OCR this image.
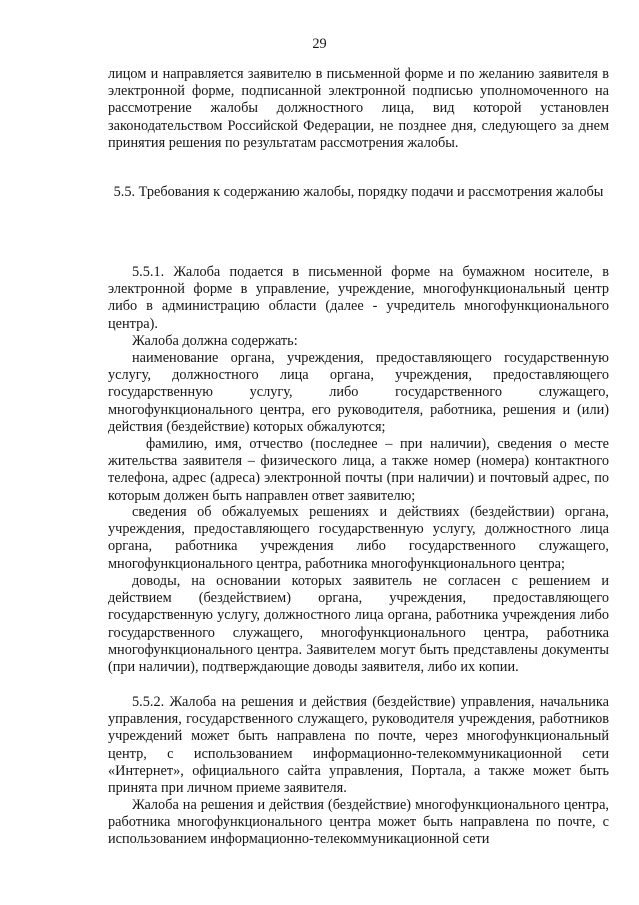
29
лицом и направляется заявителю в письменной форме и по желанию заявителя в электронной форме, подписанной электронной подписью уполномоченного на рассмотрение жалобы должностного лица, вид которой установлен законодательством Российской Федерации, не позднее дня, следующего за днем принятия решения по результатам рассмотрения жалобы.
5.5. Требования к содержанию жалобы, порядку подачи и рассмотрения жалобы
5.5.1. Жалоба подается в письменной форме на бумажном носителе, в электронной форме в управление, учреждение, многофункциональный центр либо в администрацию области (далее - учредитель многофункционального центра).
Жалоба должна содержать:
наименование органа, учреждения, предоставляющего государственную услугу, должностного лица органа, учреждения, предоставляющего государственную услугу, либо государственного служащего, многофункционального центра, его руководителя, работника, решения и (или) действия (бездействие) которых обжалуются;
фамилию, имя, отчество (последнее – при наличии), сведения о месте жительства заявителя – физического лица, а также номер (номера) контактного телефона, адрес (адреса) электронной почты (при наличии) и почтовый адрес, по которым должен быть направлен ответ заявителю;
сведения об обжалуемых решениях и действиях (бездействии) органа, учреждения, предоставляющего государственную услугу, должностного лица органа, работника учреждения либо государственного служащего, многофункционального центра, работника многофункционального центра;
доводы, на основании которых заявитель не согласен с решением и действием (бездействием) органа, учреждения, предоставляющего государственную услугу, должностного лица органа, работника учреждения либо государственного служащего, многофункционального центра, работника многофункционального центра. Заявителем могут быть представлены документы (при наличии), подтверждающие доводы заявителя, либо их копии.
5.5.2. Жалоба на решения и действия (бездействие) управления, начальника управления, государственного служащего, руководителя учреждения, работников учреждений может быть направлена по почте, через многофункциональный центр, с использованием информационно-телекоммуникационной сети «Интернет», официального сайта управления, Портала, а также может быть принята при личном приеме заявителя.
Жалоба на решения и действия (бездействие) многофункционального центра, работника многофункционального центра может быть направлена по почте, с использованием информационно-телекоммуникационной сети
